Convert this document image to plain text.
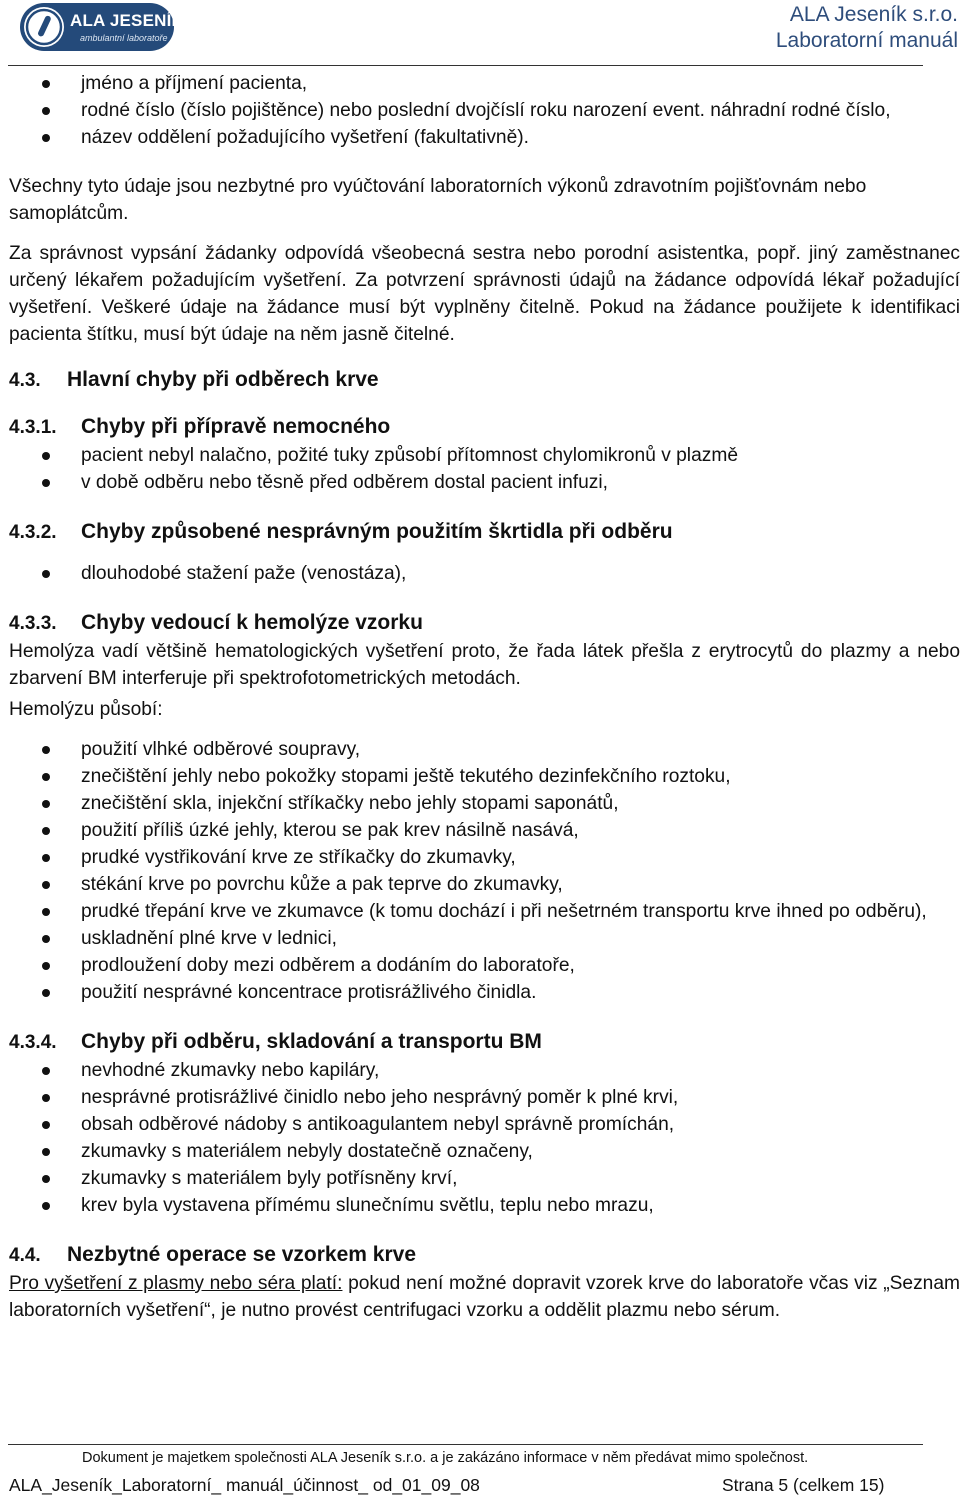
ALA JESENÍK s.r.o.
ambulantní laboratoře
ALA Jeseník s.r.o.
Laboratorní manuál
jméno a příjmení pacienta,
rodné číslo (číslo pojištěnce) nebo poslední dvojčíslí roku narození event. náhradní rodné číslo,
název oddělení požadujícího vyšetření (fakultativně).

Všechny tyto údaje jsou nezbytné pro vyúčtování laboratorních výkonů zdravotním pojišťovnám nebo samoplátcům.

Za správnost vypsání žádanky odpovídá všeobecná sestra nebo porodní asistentka, popř. jiný zaměstnanec určený lékařem požadujícím vyšetření. Za potvrzení správnosti údajů na žádance odpovídá lékař požadující vyšetření. Veškeré údaje na žádance musí být vyplněny čitelně. Pokud na žádance použijete k identifikaci pacienta štítku, musí být údaje na něm jasně čitelné.

4.3. Hlavní chyby při odběrech krve
4.3.1. Chyby při přípravě nemocného
pacient nebyl nalačno, požité tuky způsobí přítomnost chylomikronů v plazmě
v době odběru nebo těsně před odběrem dostal pacient infuzi,
4.3.2. Chyby způsobené nesprávným použitím škrtidla při odběru
dlouhodobé stažení paže (venostáza),
4.3.3. Chyby vedoucí k hemolýze vzorku

Hemolýza vadí většině hematologických vyšetření proto, že řada látek přešla z erytrocytů do plazmy a nebo zbarvení BM interferuje při spektrofotometrických metodách.

Hemolýzu působí:

použití vlhké odběrové soupravy,
znečištění jehly nebo pokožky stopami ještě tekutého dezinfekčního roztoku,
znečištění skla, injekční stříkačky nebo jehly stopami saponátů,
použití příliš úzké jehly, kterou se pak krev násilně nasává,
prudké vystřikování krve ze stříkačky do zkumavky,
stékání krve po povrchu kůže a pak teprve do zkumavky,
prudké třepání krve ve zkumavce (k tomu dochází i při nešetrném transportu krve ihned po odběru),
uskladnění plné krve v lednici,
prodloužení doby mezi odběrem a dodáním do laboratoře,
použití nesprávné koncentrace protisrážlivého činidla.
4.3.4. Chyby při odběru, skladování a transportu BM
nevhodné zkumavky nebo kapiláry,
nesprávné protisrážlivé činidlo nebo jeho nesprávný poměr k plné krvi,
obsah odběrové nádoby s antikoagulantem nebyl správně promíchán,
zkumavky s materiálem nebyly dostatečně označeny,
zkumavky s materiálem byly potřísněny krví,
krev byla vystavena přímému slunečnímu světlu, teplu nebo mrazu,
4.4. Nezbytné operace se vzorkem krve

Pro vyšetření z plasmy nebo séra platí: pokud není možné dopravit vzorek krve do laboratoře včas viz „Seznam laboratorních vyšetření“, je nutno provést centrifugaci vzorku a oddělit plazmu nebo sérum.

Dokument je majetkem společnosti ALA Jeseník s.r.o. a je zakázáno informace v něm předávat mimo společnost.
ALA_Jeseník_Laboratorní_ manuál_účinnost_ od_01_09_08	Strana 5 (celkem 15)
